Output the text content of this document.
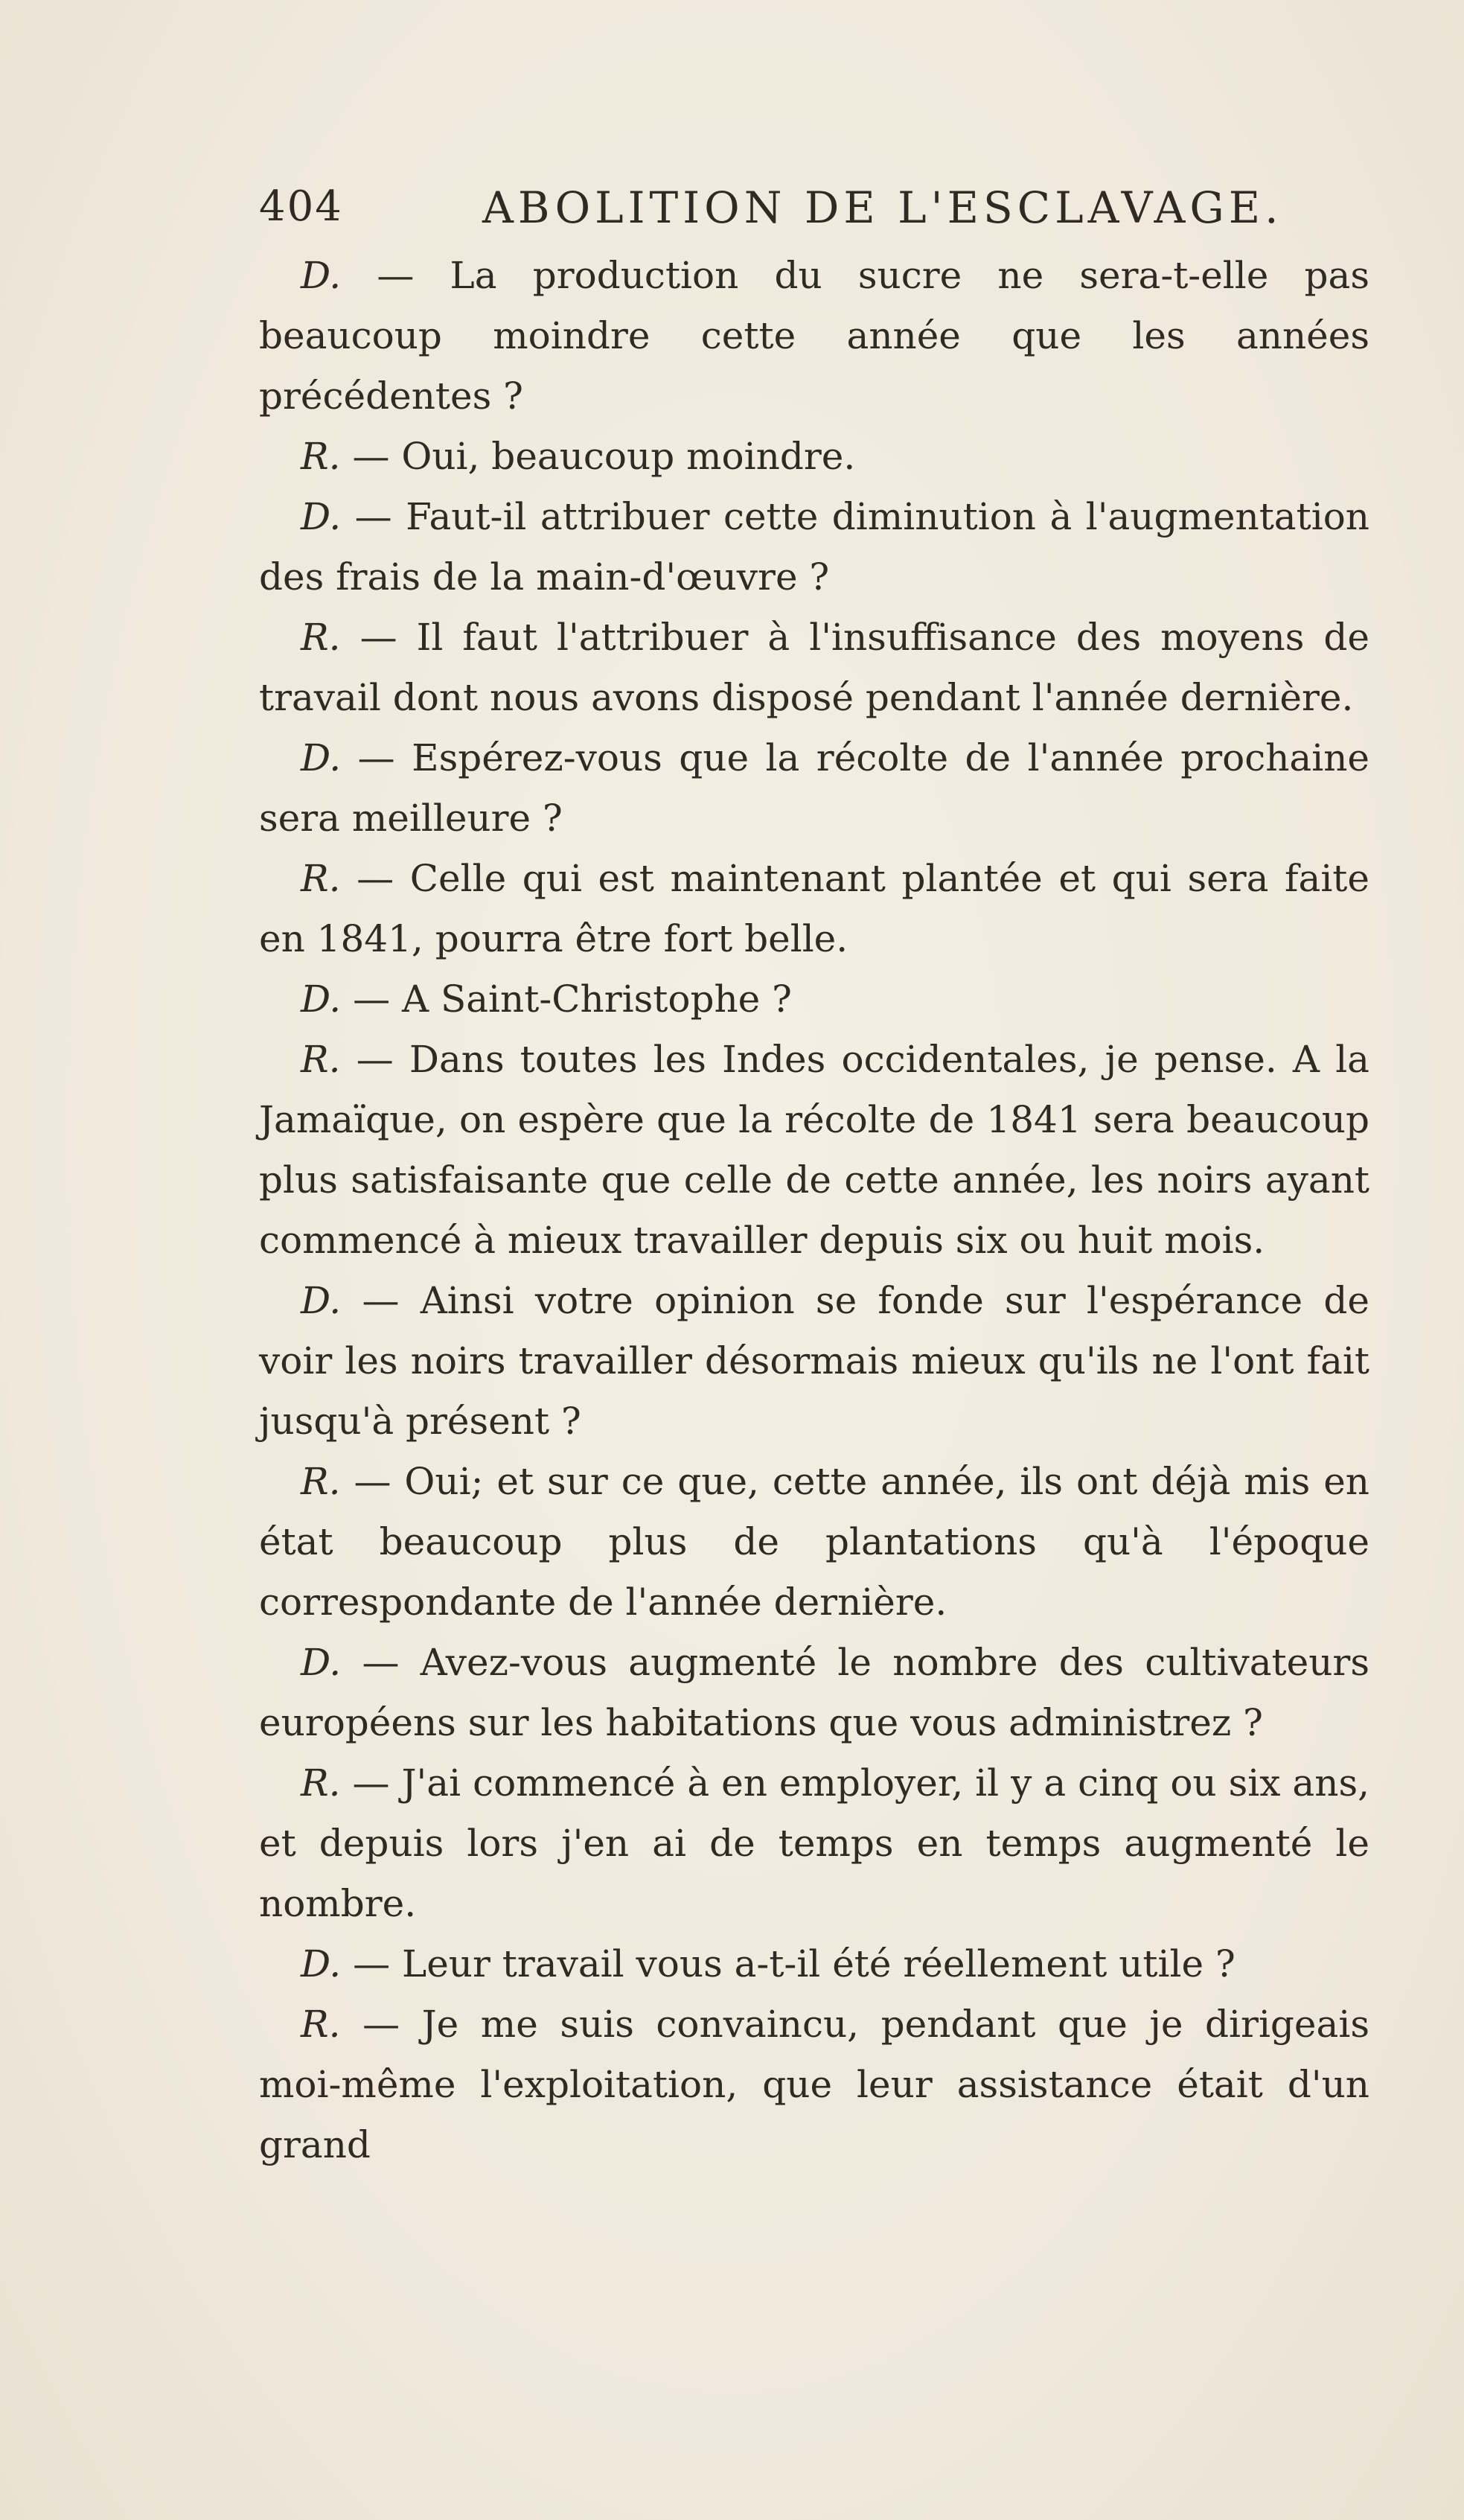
404	ABOLITION DE L'ESCLAVAGE.

D. — La production du sucre ne sera-t-elle pas beaucoup moindre cette année que les années précédentes ?

R. — Oui, beaucoup moindre.

D. — Faut-il attribuer cette diminution à l'augmentation des frais de la main-d'œuvre ?

R. — Il faut l'attribuer à l'insuffisance des moyens de travail dont nous avons disposé pendant l'année dernière.

D. — Espérez-vous que la récolte de l'année prochaine sera meilleure ?

R. — Celle qui est maintenant plantée et qui sera faite en 1841, pourra être fort belle.

D. — A Saint-Christophe ?

R. — Dans toutes les Indes occidentales, je pense. A la Jamaïque, on espère que la récolte de 1841 sera beaucoup plus satisfaisante que celle de cette année, les noirs ayant commencé à mieux travailler depuis six ou huit mois.

D. — Ainsi votre opinion se fonde sur l'espérance de voir les noirs travailler désormais mieux qu'ils ne l'ont fait jusqu'à présent ?

R. — Oui; et sur ce que, cette année, ils ont déjà mis en état beaucoup plus de plantations qu'à l'époque correspondante de l'année dernière.

D. — Avez-vous augmenté le nombre des cultivateurs européens sur les habitations que vous administrez ?

R. — J'ai commencé à en employer, il y a cinq ou six ans, et depuis lors j'en ai de temps en temps augmenté le nombre.

D. — Leur travail vous a-t-il été réellement utile ?

R. — Je me suis convaincu, pendant que je dirigeais moi-même l'exploitation, que leur assistance était d'un grand
